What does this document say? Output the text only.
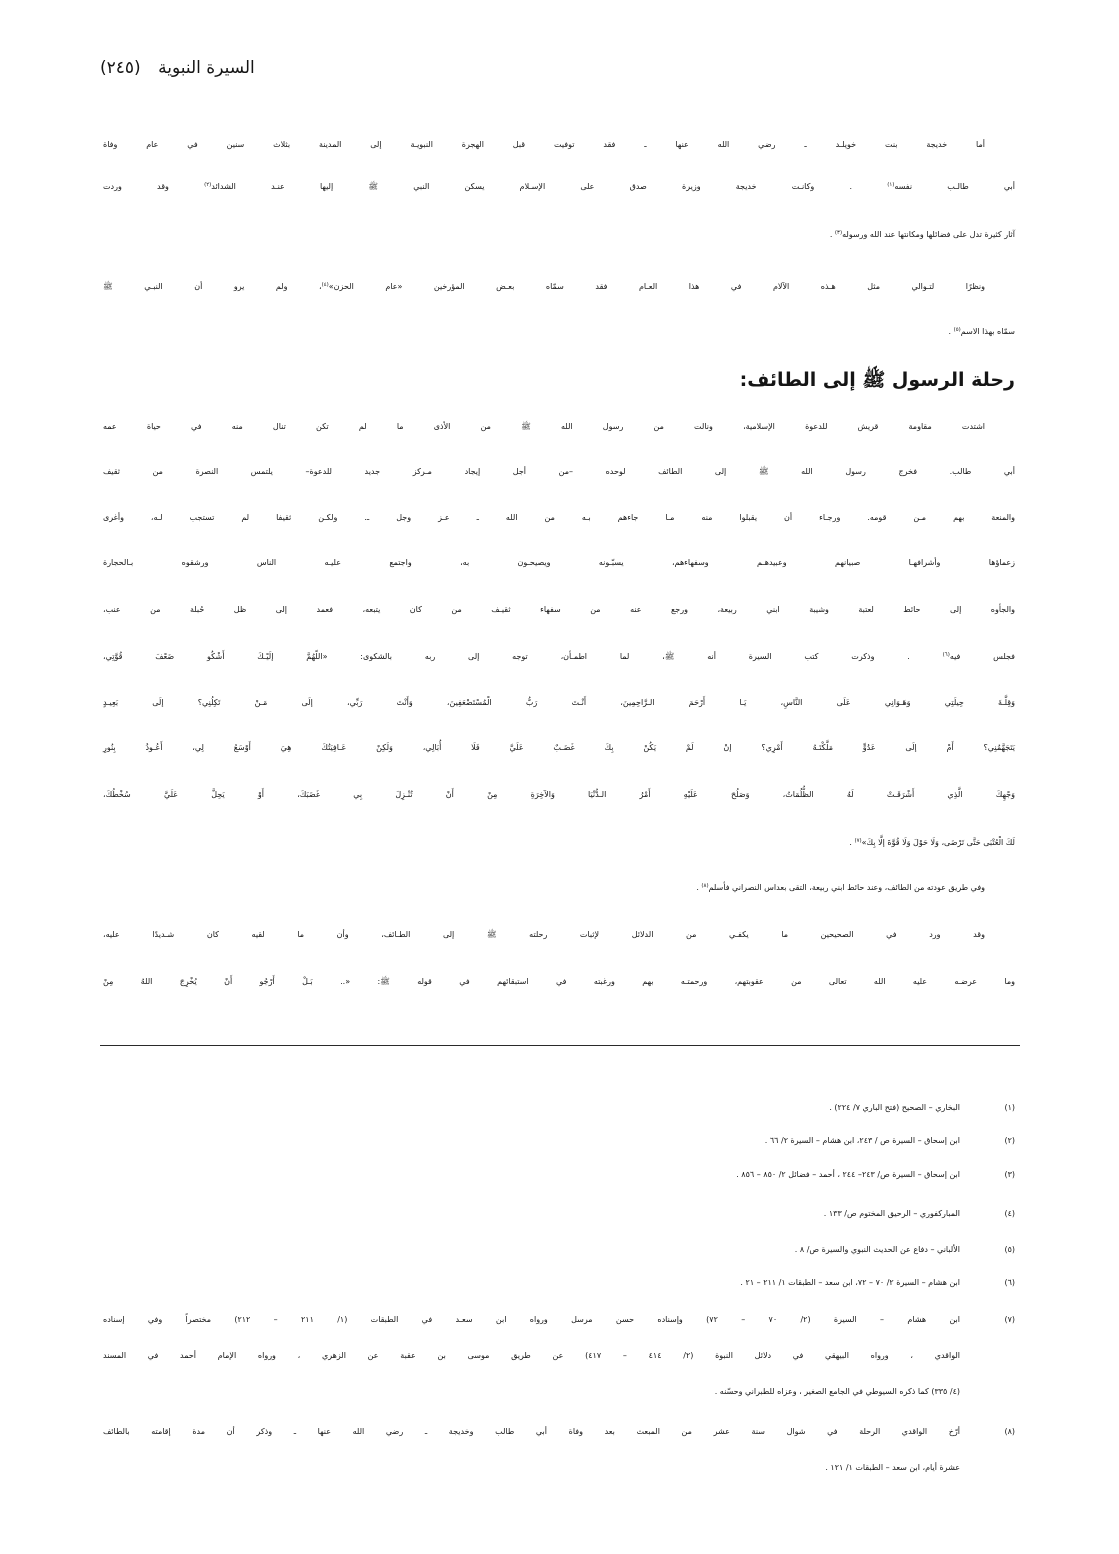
السيرة النبوية (٢٤٥)
أما خديجة بنت خويلـد ـ رضي الله عنها ـ فقد توفيت قبل الهجرة النبويـة إلى المدينة بثلاث سنين في عام وفاة
أبي طالـب نفسه$^{(١)}$ . وكانـت خديجة وزيرة صدق على الإسـلام يسكن النبي ﷺ إليها عنـد الشدائد$^{(٢)}$ وقد وردت
آثار كثيرة تدل على فضائلها ومكانتها عند الله ورسوله$^{(٣)}$ .
ونظرًا لتـوالي مثل هـذه الآلام في هذا العـام فقد سمّاه بعـض المؤرخين «عام الحزن»$^{(٤)}$، ولم يرو أن النبـي ﷺ
سمّاه بهذا الاسم$^{(٥)}$ .
رحلة الرسول ﷺ إلى الطائف:
اشتدت مقاومة قريش للدعوة الإسلامية، ونالت من رسول الله ﷺ من الأذى ما لم تكن تنال منه في حياة عمه
أبي طالب. فخرج رسول الله ﷺ إلى الطائف لوحده –من أجل إيجاد مـركز جديد للدعوة– يلتمس النصرة من ثقيف
والمنعة بهم مـن قومه. ورجـاء أن يقبلوا منه مـا جاءهم بـه من الله ـ عـز وجل ـ. ولكـن ثقيفا لم تستجب لـه، وأغرى
زعماؤها وأشرافهـا صبيانهم وعبيدهـم وسفهاءهم، يسبّـونه ويصيحـون به، واجتمع عليـه الناس ورشقوه بـالحجارة
والجأوه إلى حائط لعتبة وشيبة ابني ربيعة، ورجع عنه من سفهاء ثقيـف من كان يتبعه، فعمد إلى ظل حُبلة من عنب،
فجلس فيه$^{(٦)}$ . وذكرت كتب السيرة أنه ﷺ، لما اطمـأن، توجه إلى ربه بالشكوى: «اللّهُمَّ إلَيْـكَ أَشْكُو ضَعْفَ قُوَّتِي،
وَقِلَّـةَ حِيلَتِي وَهَـوَانِي عَلَى النَّاسِ، يَـا أَرْحَمَ الـرَّاحِمِينَ، أَنْـتَ رَبُّ الْمُسْتَضْعَفِينَ، وَأَنْتَ رَبِّي، إلَى مَـنْ تَكِلُنِي؟ إلَى بَعِيـدٍ
يَتَجَهَّمُنِي؟ أَمْ إلَى عَدُوٍّ مَلَّكْتَـهُ أَمْرِي؟ إنْ لَمْ يَكُنْ بِكَ غَضَـبٌ عَلَيَّ فَلَا أُبَالِي، وَلَكِنْ عَـافِيَتُكَ هِيَ أَوْسَعُ لِي، أَعُـوذُ بِنُورِ
وَجْهِكَ الَّذِي أَشْرَقَـتْ لَهُ الظُّلُمَاتُ، وَصَلُحَ عَلَيْهِ أَمْرُ الـدُّنْيَا وَالآخِرَةِ مِنْ أَنْ تُنْـزِلَ بِي غَضَبَكَ، أَوْ يَحِلَّ عَلَيَّ سُخْطُكَ،
لَكَ الْعُتْبَى حَتَّى تَرْضَى، وَلَا حَوْلَ وَلَا قُوَّةَ إلَّا بِكَ»$^{(٧)}$ .
وفي طريق عودته من الطائف، وعند حائط ابني ربيعة، التقى بعداس النصراني فأسلم$^{(٨)}$ .
وقد ورد في الصحيحين ما يكفـي من الدلائل لإثبات رحلته ﷺ إلى الطـائف، وأن ما لقيه كان شـديدًا عليه،
وما عرضـه عليه الله تعالى من عقوبتهم، ورحمتـه بهم ورغبته في استبقائهم في قوله ﷺ: «.. بَـلْ أَرْجُو أَنْ يُخْرِجَ اللهُ مِنْ
(١)
البخاري – الصحيح (فتح الباري ٧/ ٢٢٤) .
(٢)
ابن إسحاق – السيرة ص / ٢٤٣، ابن هشام – السيرة ٢/ ٦٦ .
(٣)
ابن إسحاق – السيرة ص/ ٢٤٣– ٢٤٤ ، أحمد – فضائل ٢/ ٨٥٠ – ٨٥٦ .
(٤)
المباركفوري – الرحيق المختوم ص/ ١٣٣ .
(٥)
الألباني – دفاع عن الحديث النبوي والسيرة ص/ ٨ .
(٦)
ابن هشام – السيرة ٢/ ٧٠ – ٧٢، ابن سعد – الطبقات ١/ ٢١١ – ٢١ .
(٧)
ابن هشام – السيرة (٢/ ٧٠ – ٧٢) وإسناده حسن مرسل ورواه ابن سعـد في الطبقات (١/ ٢١١ – ٢١٢) مختصراً وفي إسناده
الواقدي ، ورواه البيهقي في دلائل النبوة (٢/ ٤١٤ – ٤١٧) عن طريق موسى بن عقبة عن الزهري ، ورواه الإمام أحمد في المسند
(٤/ ٣٣٥) كما ذكره السيوطي في الجامع الصغير ، وعزاه للطبراني وحسّنه .
(٨)
أرّخ الواقدي الرحلة في شوال سنة عشر من المبعث بعد وفاة أبي طالب وخديجة ـ رضي الله عنها ـ وذكر أن مدة إقامته بالطائف
عشرة أيام، ابن سعد – الطبقات ١/ ١٢١ .
